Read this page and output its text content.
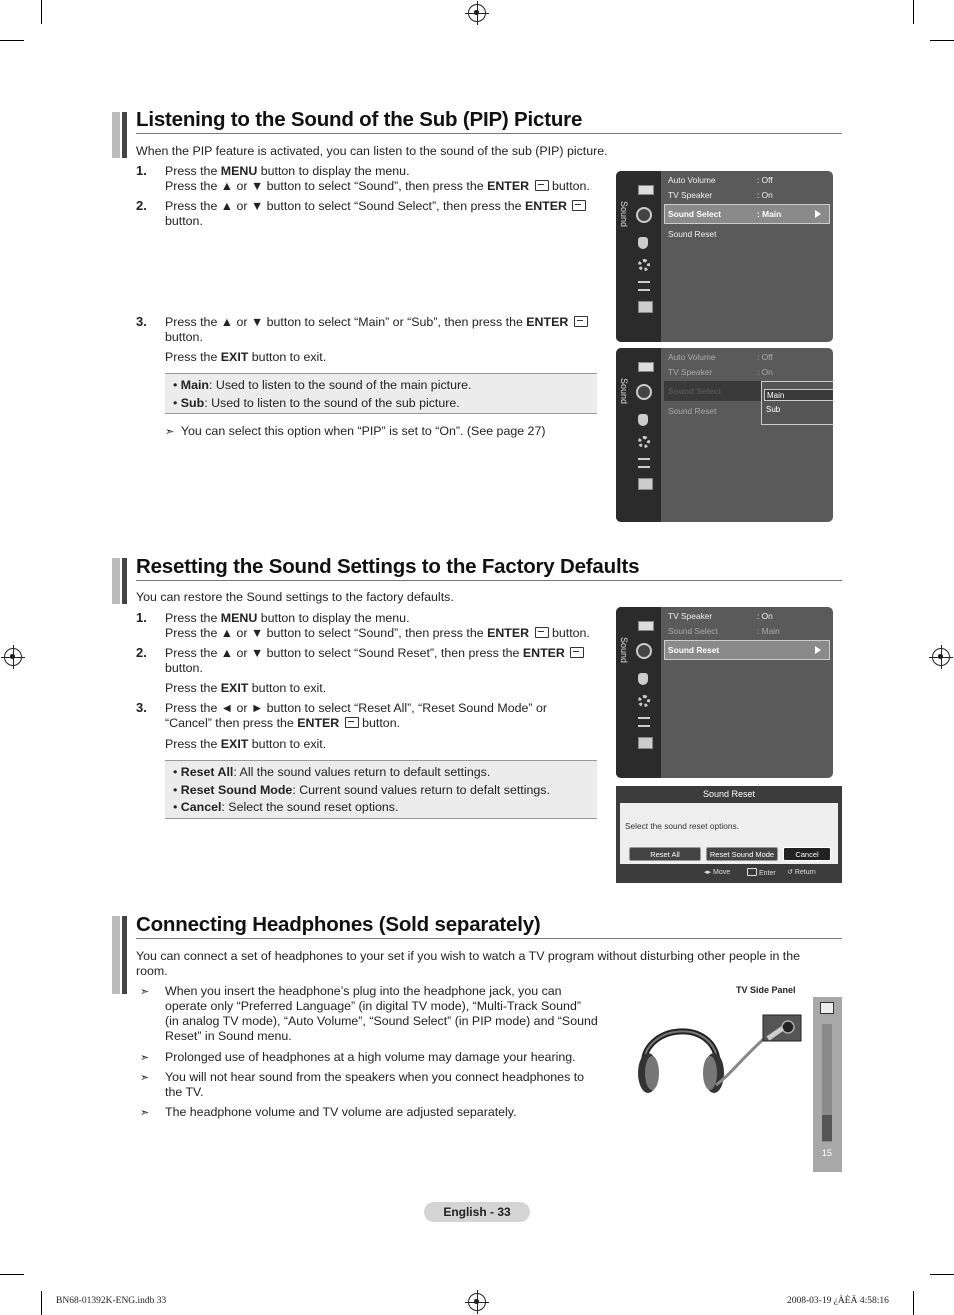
Listening to the Sound of the Sub (PIP) Picture
When the PIP feature is activated, you can listen to the sound of the sub (PIP) picture.
1. Press the MENU button to display the menu.
Press the ▲ or ▼ button to select “Sound”, then press the ENTER  button.
2. Press the ▲ or ▼ button to select “Sound Select”, then press the ENTER
button.
3. Press the ▲ or ▼ button to select “Main” or “Sub”, then press the ENTER
button.
Press the EXIT button to exit.
• Main: Used to listen to the sound of the main picture.
• Sub: Used to listen to the sound of the sub picture.
➣ You can select this option when “PIP” is set to “On”. (See page 27)
Sound
Auto Volume	: Off
TV Speaker	: On
Sound Select	: Main
Sound Reset
Sound
Auto Volume	: Off
TV Speaker	: On
Sound Select
Sound Reset
Main
Sub
Resetting the Sound Settings to the Factory Defaults
You can restore the Sound settings to the factory defaults.
1. Press the MENU button to display the menu.
Press the ▲ or ▼ button to select “Sound”, then press the ENTER  button.
2. Press the ▲ or ▼ button to select “Sound Reset”, then press the ENTER
button.
Press the EXIT button to exit.
3. Press the ◄ or ► button to select “Reset All”, “Reset Sound Mode” or
“Cancel” then press the ENTER  button.
Press the EXIT button to exit.
• Reset All: All the sound values return to default settings.
• Reset Sound Mode: Current sound values return to defalt settings.
• Cancel: Select the sound reset options.
Sound
TV Speaker	: On
Sound Select	: Main
Sound Reset
Sound Reset
Select the sound reset options.
Reset All	Reset Sound Mode	Cancel
◂▸ Move	Enter ↺ Return
Connecting Headphones (Sold separately)
You can connect a set of headphones to your set if you wish to watch a TV program without disturbing other people in the
room.
➣ When you insert the headphone’s plug into the headphone jack, you can
operate only “Preferred Language” (in digital TV mode), “Multi-Track Sound”
(in analog TV mode), “Auto Volume”, “Sound Select” (in PIP mode) and “Sound
Reset” in Sound menu.
➣ Prolonged use of headphones at a high volume may damage your hearing.
➣ You will not hear sound from the speakers when you connect headphones to
the TV.
➣ The headphone volume and TV volume are adjusted separately.
TV Side Panel
15
English - 33
BN68-01392K-ENG.indb 33	2008-03-19 ¿ÀÈÄ 4:58:16
